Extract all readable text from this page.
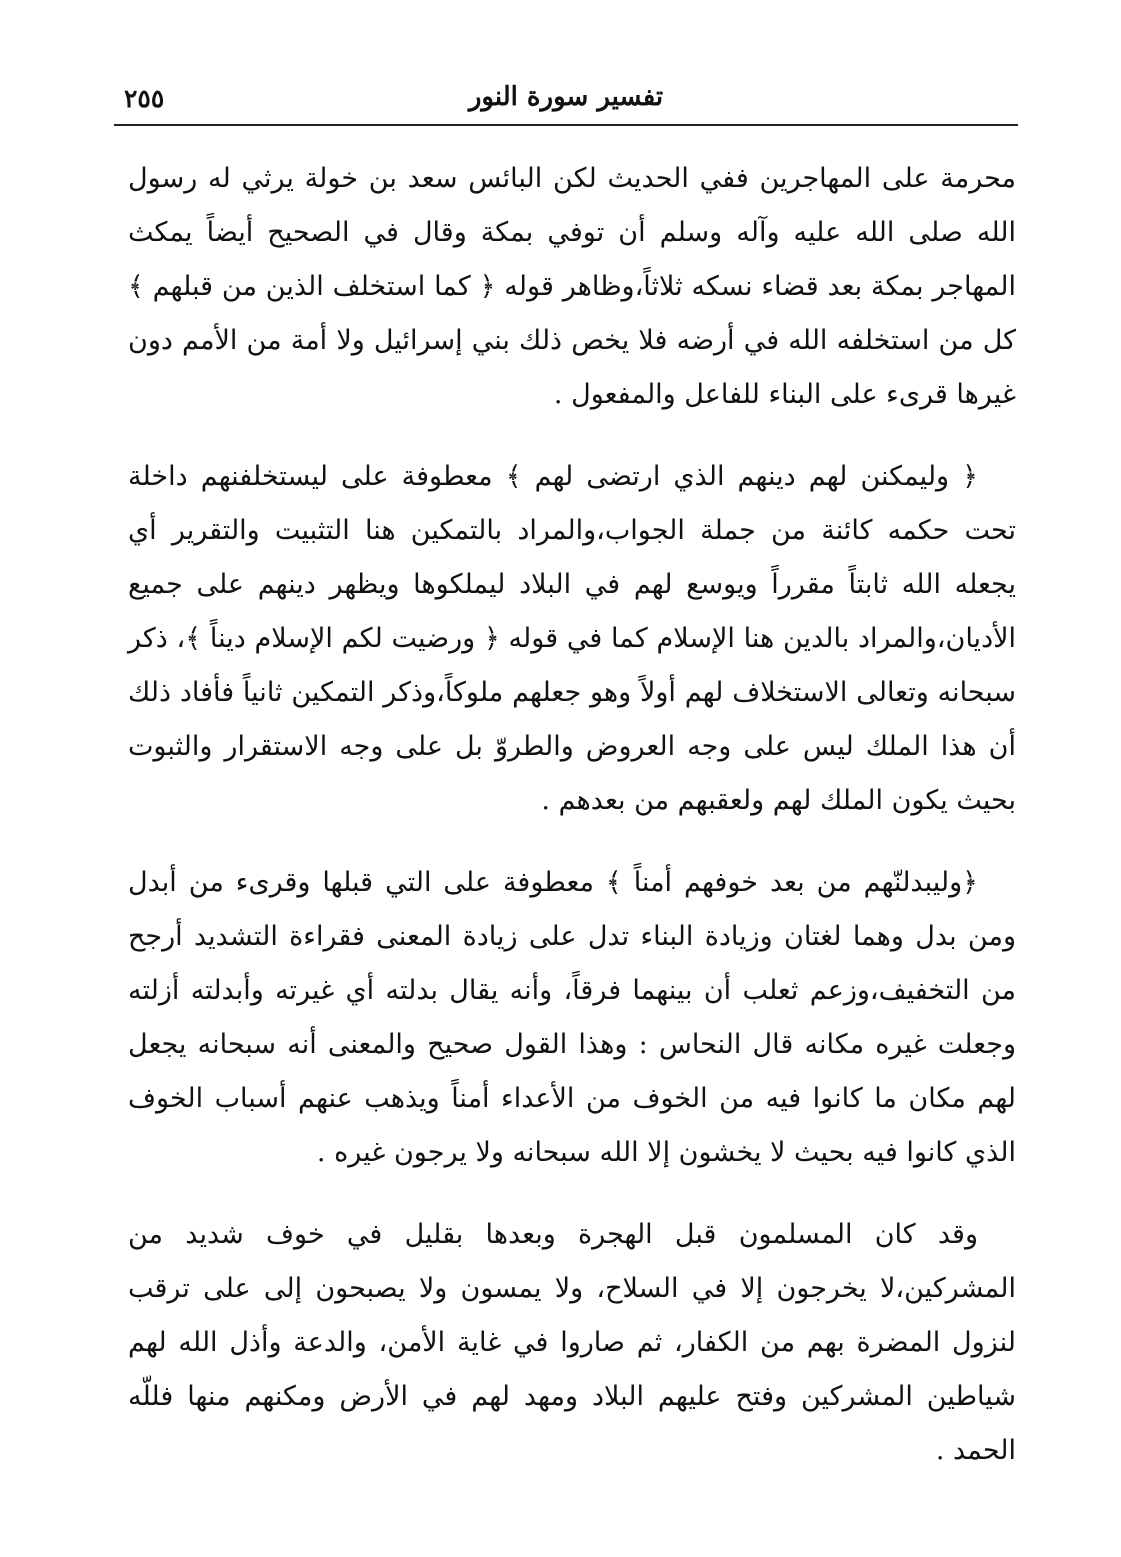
تفسير سورة النور
٢٥٥

محرمة على المهاجرين ففي الحديث لكن البائس سعد بن خولة يرثي له رسول الله صلى الله عليه وآله وسلم أن توفي بمكة وقال في الصحيح أيضاً يمكث المهاجر بمكة بعد قضاء نسكه ثلاثاً،وظاهر قوله ﴿ كما استخلف الذين من قبلهم ﴾ كل من استخلفه الله في أرضه فلا يخص ذلك بني إسرائيل ولا أمة من الأمم دون غيرها قرىء على البناء للفاعل والمفعول .

﴿ وليمكنن لهم دينهم الذي ارتضى لهم ﴾ معطوفة على ليستخلفنهم داخلة تحت حكمه كائنة من جملة الجواب،والمراد بالتمكين هنا التثبيت والتقرير أي يجعله الله ثابتاً مقرراً ويوسع لهم في البلاد ليملكوها ويظهر دينهم على جميع الأديان،والمراد بالدين هنا الإسلام كما في قوله ﴿ ورضيت لكم الإسلام ديناً ﴾، ذكر سبحانه وتعالى الاستخلاف لهم أولاً وهو جعلهم ملوكاً،وذكر التمكين ثانياً فأفاد ذلك أن هذا الملك ليس على وجه العروض والطروّ بل على وجه الاستقرار والثبوت بحيث يكون الملك لهم ولعقبهم من بعدهم .

﴿وليبدلنّهم من بعد خوفهم أمناً ﴾ معطوفة على التي قبلها وقرىء من أبدل ومن بدل وهما لغتان وزيادة البناء تدل على زيادة المعنى فقراءة التشديد أرجح من التخفيف،وزعم ثعلب أن بينهما فرقاً، وأنه يقال بدلته أي غيرته وأبدلته أزلته وجعلت غيره مكانه قال النحاس : وهذا القول صحيح والمعنى أنه سبحانه يجعل لهم مكان ما كانوا فيه من الخوف من الأعداء أمناً ويذهب عنهم أسباب الخوف الذي كانوا فيه بحيث لا يخشون إلا الله سبحانه ولا يرجون غيره .

وقد كان المسلمون قبل الهجرة وبعدها بقليل في خوف شديد من المشركين،لا يخرجون إلا في السلاح، ولا يمسون ولا يصبحون إلى على ترقب لنزول المضرة بهم من الكفار، ثم صاروا في غاية الأمن، والدعة وأذل الله لهم شياطين المشركين وفتح عليهم البلاد ومهد لهم في الأرض ومكنهم منها فللّه الحمد .
